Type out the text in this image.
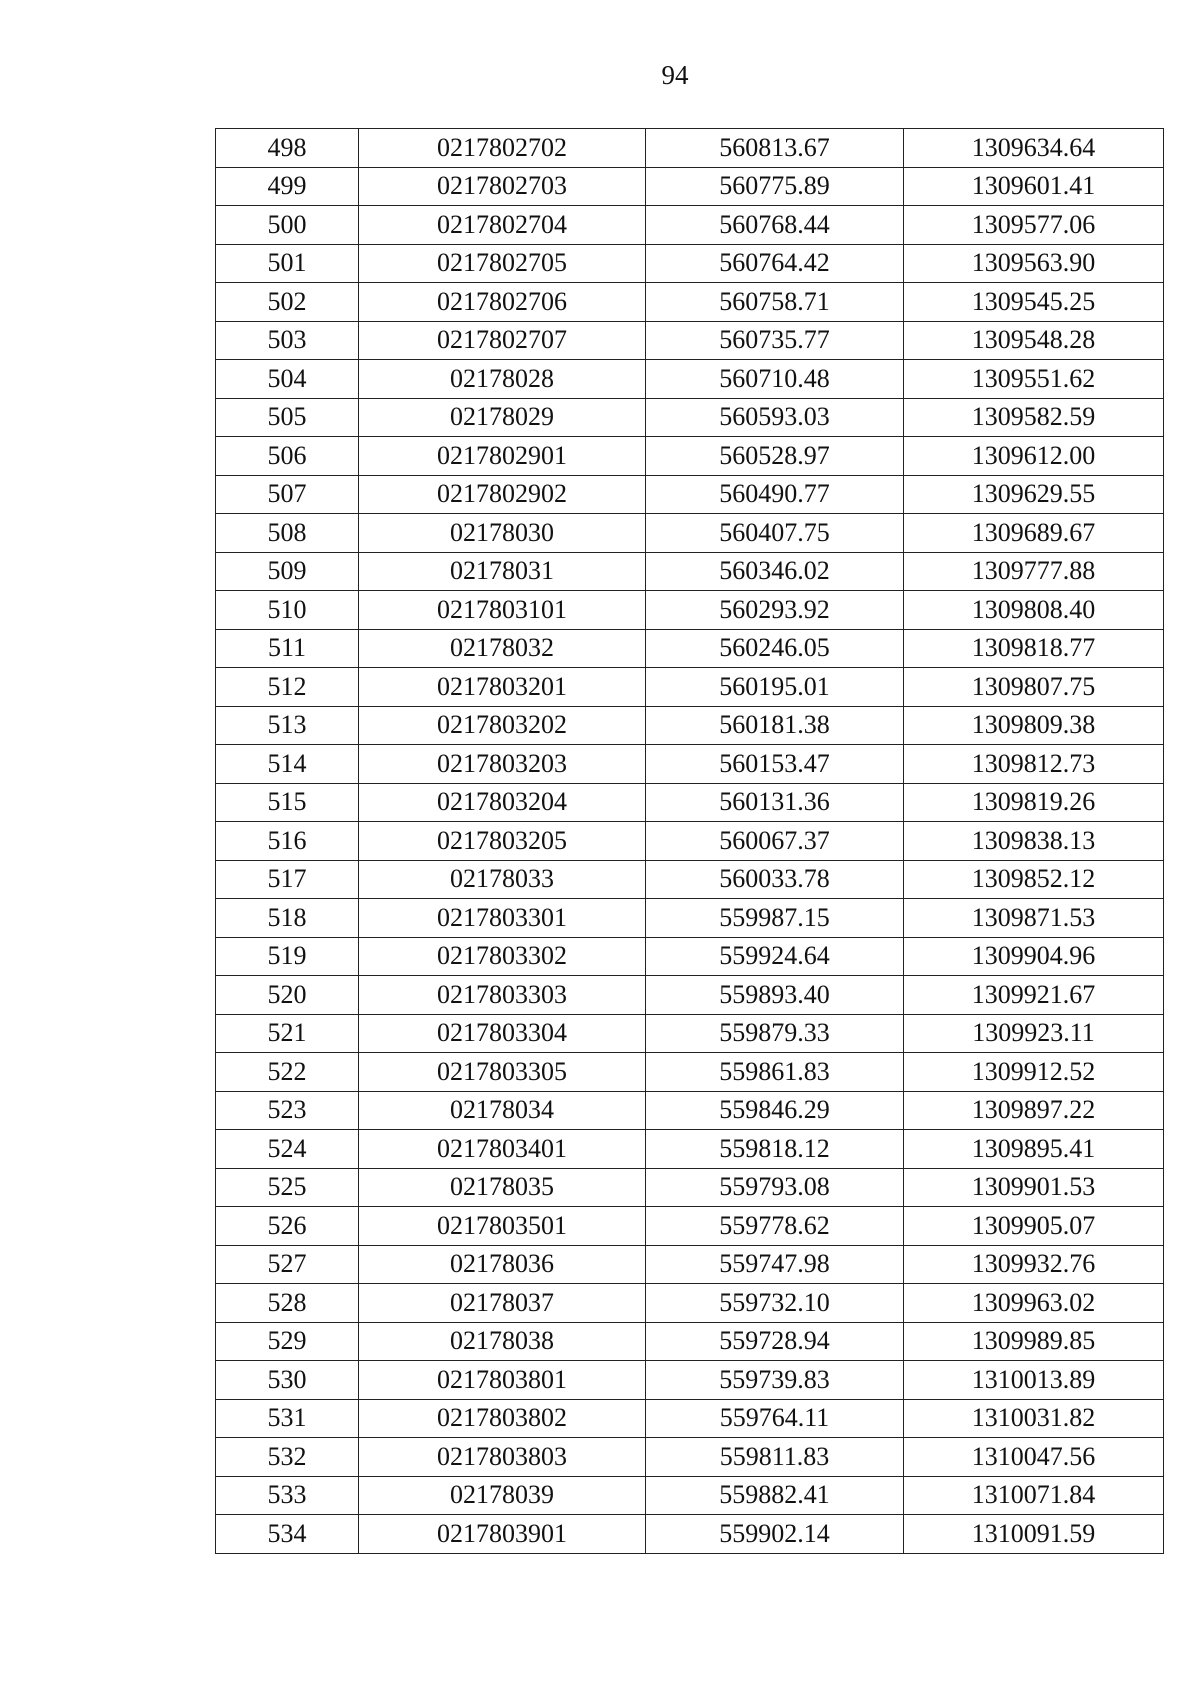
94
498	0217802702	560813.67	1309634.64
499	0217802703	560775.89	1309601.41
500	0217802704	560768.44	1309577.06
501	0217802705	560764.42	1309563.90
502	0217802706	560758.71	1309545.25
503	0217802707	560735.77	1309548.28
504	02178028	560710.48	1309551.62
505	02178029	560593.03	1309582.59
506	0217802901	560528.97	1309612.00
507	0217802902	560490.77	1309629.55
508	02178030	560407.75	1309689.67
509	02178031	560346.02	1309777.88
510	0217803101	560293.92	1309808.40
511	02178032	560246.05	1309818.77
512	0217803201	560195.01	1309807.75
513	0217803202	560181.38	1309809.38
514	0217803203	560153.47	1309812.73
515	0217803204	560131.36	1309819.26
516	0217803205	560067.37	1309838.13
517	02178033	560033.78	1309852.12
518	0217803301	559987.15	1309871.53
519	0217803302	559924.64	1309904.96
520	0217803303	559893.40	1309921.67
521	0217803304	559879.33	1309923.11
522	0217803305	559861.83	1309912.52
523	02178034	559846.29	1309897.22
524	0217803401	559818.12	1309895.41
525	02178035	559793.08	1309901.53
526	0217803501	559778.62	1309905.07
527	02178036	559747.98	1309932.76
528	02178037	559732.10	1309963.02
529	02178038	559728.94	1309989.85
530	0217803801	559739.83	1310013.89
531	0217803802	559764.11	1310031.82
532	0217803803	559811.83	1310047.56
533	02178039	559882.41	1310071.84
534	0217803901	559902.14	1310091.59
